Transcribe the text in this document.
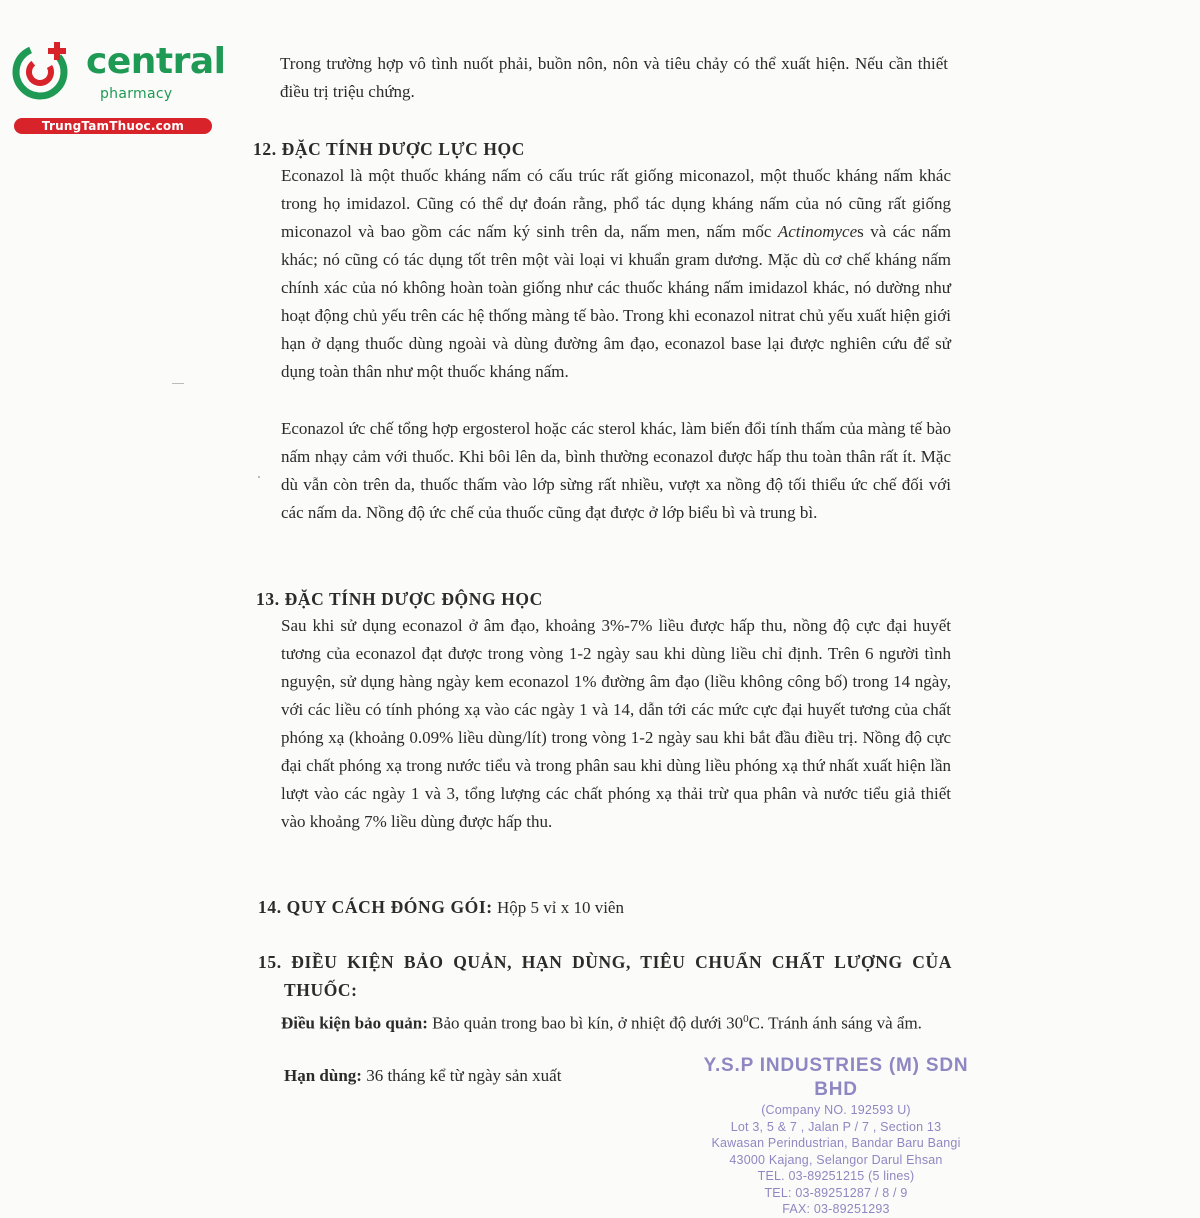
central
pharmacy
TrungTamThuoc.com

Trong trường hợp vô tình nuốt phải, buồn nôn, nôn và tiêu chảy có thể xuất hiện. Nếu cần thiết điều trị triệu chứng.

12. ĐẶC TÍNH DƯỢC LỰC HỌC

Econazol là một thuốc kháng nấm có cấu trúc rất giống miconazol, một thuốc kháng nấm khác trong họ imidazol. Cũng có thể dự đoán rằng, phổ tác dụng kháng nấm của nó cũng rất giống miconazol và bao gồm các nấm ký sinh trên da, nấm men, nấm mốc Actinomyces và các nấm khác; nó cũng có tác dụng tốt trên một vài loại vi khuẩn gram dương. Mặc dù cơ chế kháng nấm chính xác của nó không hoàn toàn giống như các thuốc kháng nấm imidazol khác, nó dường như hoạt động chủ yếu trên các hệ thống màng tế bào. Trong khi econazol nitrat chủ yếu xuất hiện giới hạn ở dạng thuốc dùng ngoài và dùng đường âm đạo, econazol base lại được nghiên cứu để sử dụng toàn thân như một thuốc kháng nấm.

Econazol ức chế tổng hợp ergosterol hoặc các sterol khác, làm biến đổi tính thấm của màng tế bào nấm nhạy cảm với thuốc. Khi bôi lên da, bình thường econazol được hấp thu toàn thân rất ít. Mặc dù vẫn còn trên da, thuốc thấm vào lớp sừng rất nhiều, vượt xa nồng độ tối thiểu ức chế đối với các nấm da. Nồng độ ức chế của thuốc cũng đạt được ở lớp biểu bì và trung bì.

13. ĐẶC TÍNH DƯỢC ĐỘNG HỌC

Sau khi sử dụng econazol ở âm đạo, khoảng 3%-7% liều được hấp thu, nồng độ cực đại huyết tương của econazol đạt được trong vòng 1-2 ngày sau khi dùng liều chỉ định. Trên 6 người tình nguyện, sử dụng hàng ngày kem econazol 1% đường âm đạo (liều không công bố) trong 14 ngày, với các liều có tính phóng xạ vào các ngày 1 và 14, dẫn tới các mức cực đại huyết tương của chất phóng xạ (khoảng 0.09% liều dùng/lít) trong vòng 1-2 ngày sau khi bắt đầu điều trị. Nồng độ cực đại chất phóng xạ trong nước tiểu và trong phân sau khi dùng liều phóng xạ thứ nhất xuất hiện lần lượt vào các ngày 1 và 3, tổng lượng các chất phóng xạ thải trừ qua phân và nước tiểu giả thiết vào khoảng 7% liều dùng được hấp thu.

14. QUY CÁCH ĐÓNG GÓI: Hộp 5 vỉ x 10 viên

15. ĐIỀU KIỆN BẢO QUẢN, HẠN DÙNG, TIÊU CHUẨN CHẤT LƯỢNG CỦA
THUỐC:

Điều kiện bảo quản: Bảo quản trong bao bì kín, ở nhiệt độ dưới $30^0C$. Tránh ánh sáng và ẩm.

Hạn dùng: 36 tháng kể từ ngày sản xuất	Y.S.P INDUSTRIES (M) SDN BHD
(Company NO. 192593 U)
Lot 3, 5 & 7 , Jalan P / 7 , Section 13
Kawasan Perindustrian, Bandar Baru Bangi
43000 Kajang, Selangor Darul Ehsan
TEL. 03-89251215 (5 lines)
TEL: 03-89251287 / 8 / 9
FAX: 03-89251293
